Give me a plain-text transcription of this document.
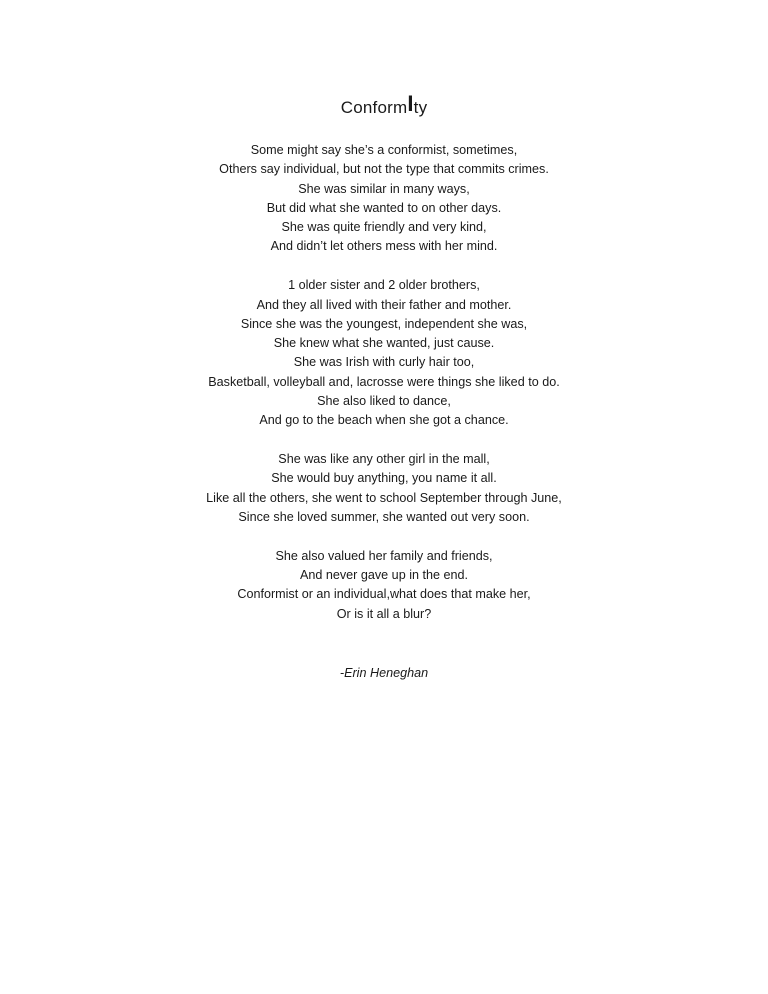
ConformIty
Some might say she’s a conformist, sometimes,
Others say individual, but not the type that commits crimes.
She was similar in many ways,
But did what she wanted to on other days.
She was quite friendly and very kind,
And didn’t let others mess with her mind.
1 older sister and 2 older brothers,
And they all lived with their father and mother.
Since she was the youngest, independent she was,
She knew what she wanted, just cause.
She was Irish with curly hair too,
Basketball, volleyball and, lacrosse were things she liked to do.
She also liked to dance,
And go to the beach when she got a chance.
She was like any other girl in the mall,
She would buy anything, you name it all.
Like all the others, she went to school September through June,
Since she loved summer, she wanted out very soon.
She also valued her family and friends,
And never gave up in the end.
Conformist or an individual,what does that make her,
Or is it all a blur?
-Erin Heneghan
